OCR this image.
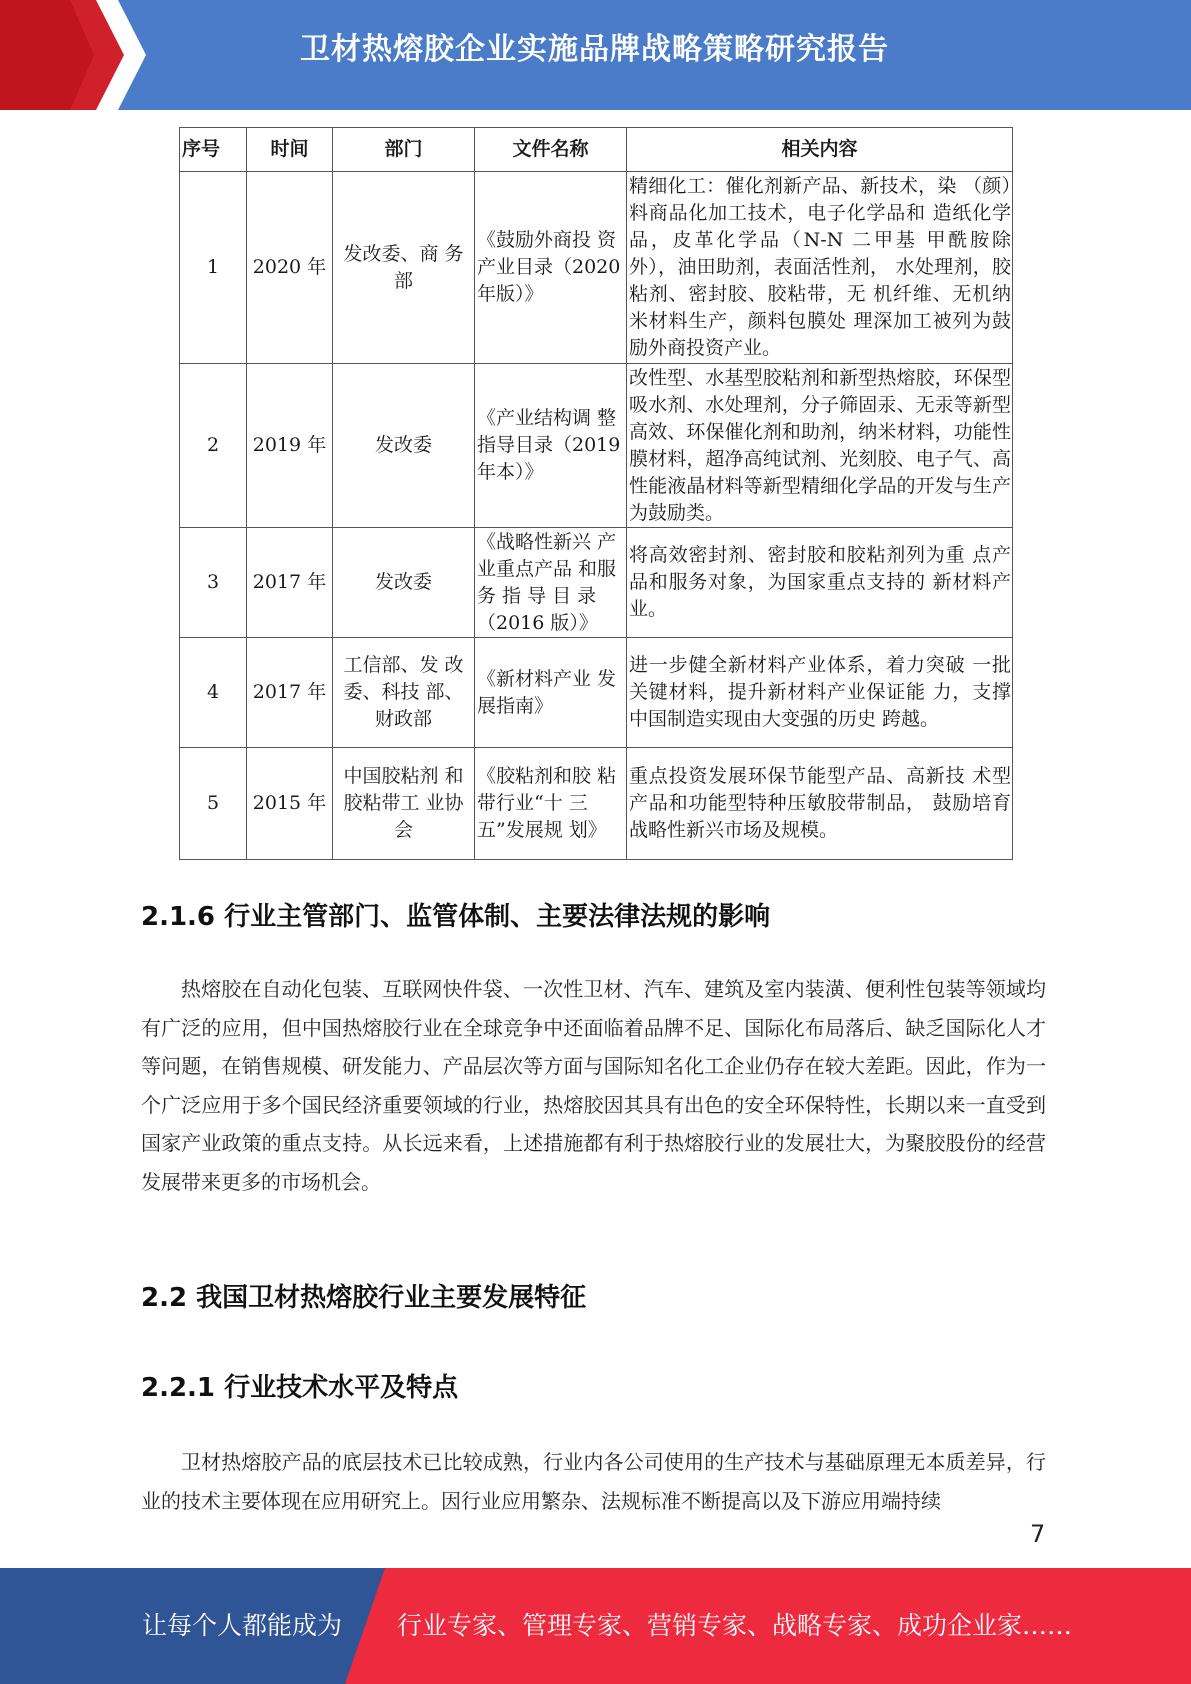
卫材热熔胶企业实施品牌战略策略研究报告
序号	时间	部门	文件名称	相关内容
1	2020 年	发改委、商 务部	《鼓励外商投 资产业目录（2020 年版）》	精细化工：催化剂新产品、新技术，染 （颜）料商品化加工技术，电子化学品和 造纸化学品，皮革化学品（N-N 二甲基 甲酰胺除外），油田助剂，表面活性剂， 水处理剂，胶粘剂、密封胶、胶粘带，无 机纤维、无机纳米材料生产，颜料包膜处 理深加工被列为鼓励外商投资产业。
2	2019 年	发改委	《产业结构调 整指导目录（2019 年本）》	改性型、水基型胶粘剂和新型热熔胶，环保型吸水剂、水处理剂，分子筛固汞、无汞等新型高效、环保催化剂和助剂，纳米材料，功能性膜材料，超净高纯试剂、光刻胶、电子气、高性能液晶材料等新型精细化学品的开发与生产为鼓励类。
3	2017 年	发改委	《战略性新兴 产业重点产品 和服务 指 导 目 录（2016 版）》	将高效密封剂、密封胶和胶粘剂列为重 点产品和服务对象，为国家重点支持的 新材料产业。
4	2017 年	工信部、发 改委、科技 部、财政部	《新材料产业 发展指南》	进一步健全新材料产业体系，着力突破 一批关键材料，提升新材料产业保证能 力，支撑中国制造实现由大变强的历史 跨越。
5	2015 年	中国胶粘剂 和胶粘带工 业协会	《胶粘剂和胶 粘带行业“十 三五”发展规 划》	重点投资发展环保节能型产品、高新技 术型产品和功能型特种压敏胶带制品， 鼓励培育战略性新兴市场及规模。
2.1.6 行业主管部门、监管体制、主要法律法规的影响

热熔胶在自动化包装、互联网快件袋、一次性卫材、汽车、建筑及室内装潢、便利性包装等领域均有广泛的应用，但中国热熔胶行业在全球竞争中还面临着品牌不足、国际化布局落后、缺乏国际化人才等问题，在销售规模、研发能力、产品层次等方面与国际知名化工企业仍存在较大差距。因此，作为一个广泛应用于多个国民经济重要领域的行业，热熔胶因其具有出色的安全环保特性，长期以来一直受到国家产业政策的重点支持。从长远来看，上述措施都有利于热熔胶行业的发展壮大，为聚胶股份的经营发展带来更多的市场机会。

2.2 我国卫材热熔胶行业主要发展特征
2.2.1 行业技术水平及特点

卫材热熔胶产品的底层技术已比较成熟，行业内各公司使用的生产技术与基础原理无本质差异，行业的技术主要体现在应用研究上。因行业应用繁杂、法规标准不断提高以及下游应用端持续

7
让每个人都能成为 行业专家、管理专家、营销专家、战略专家、成功企业家……
